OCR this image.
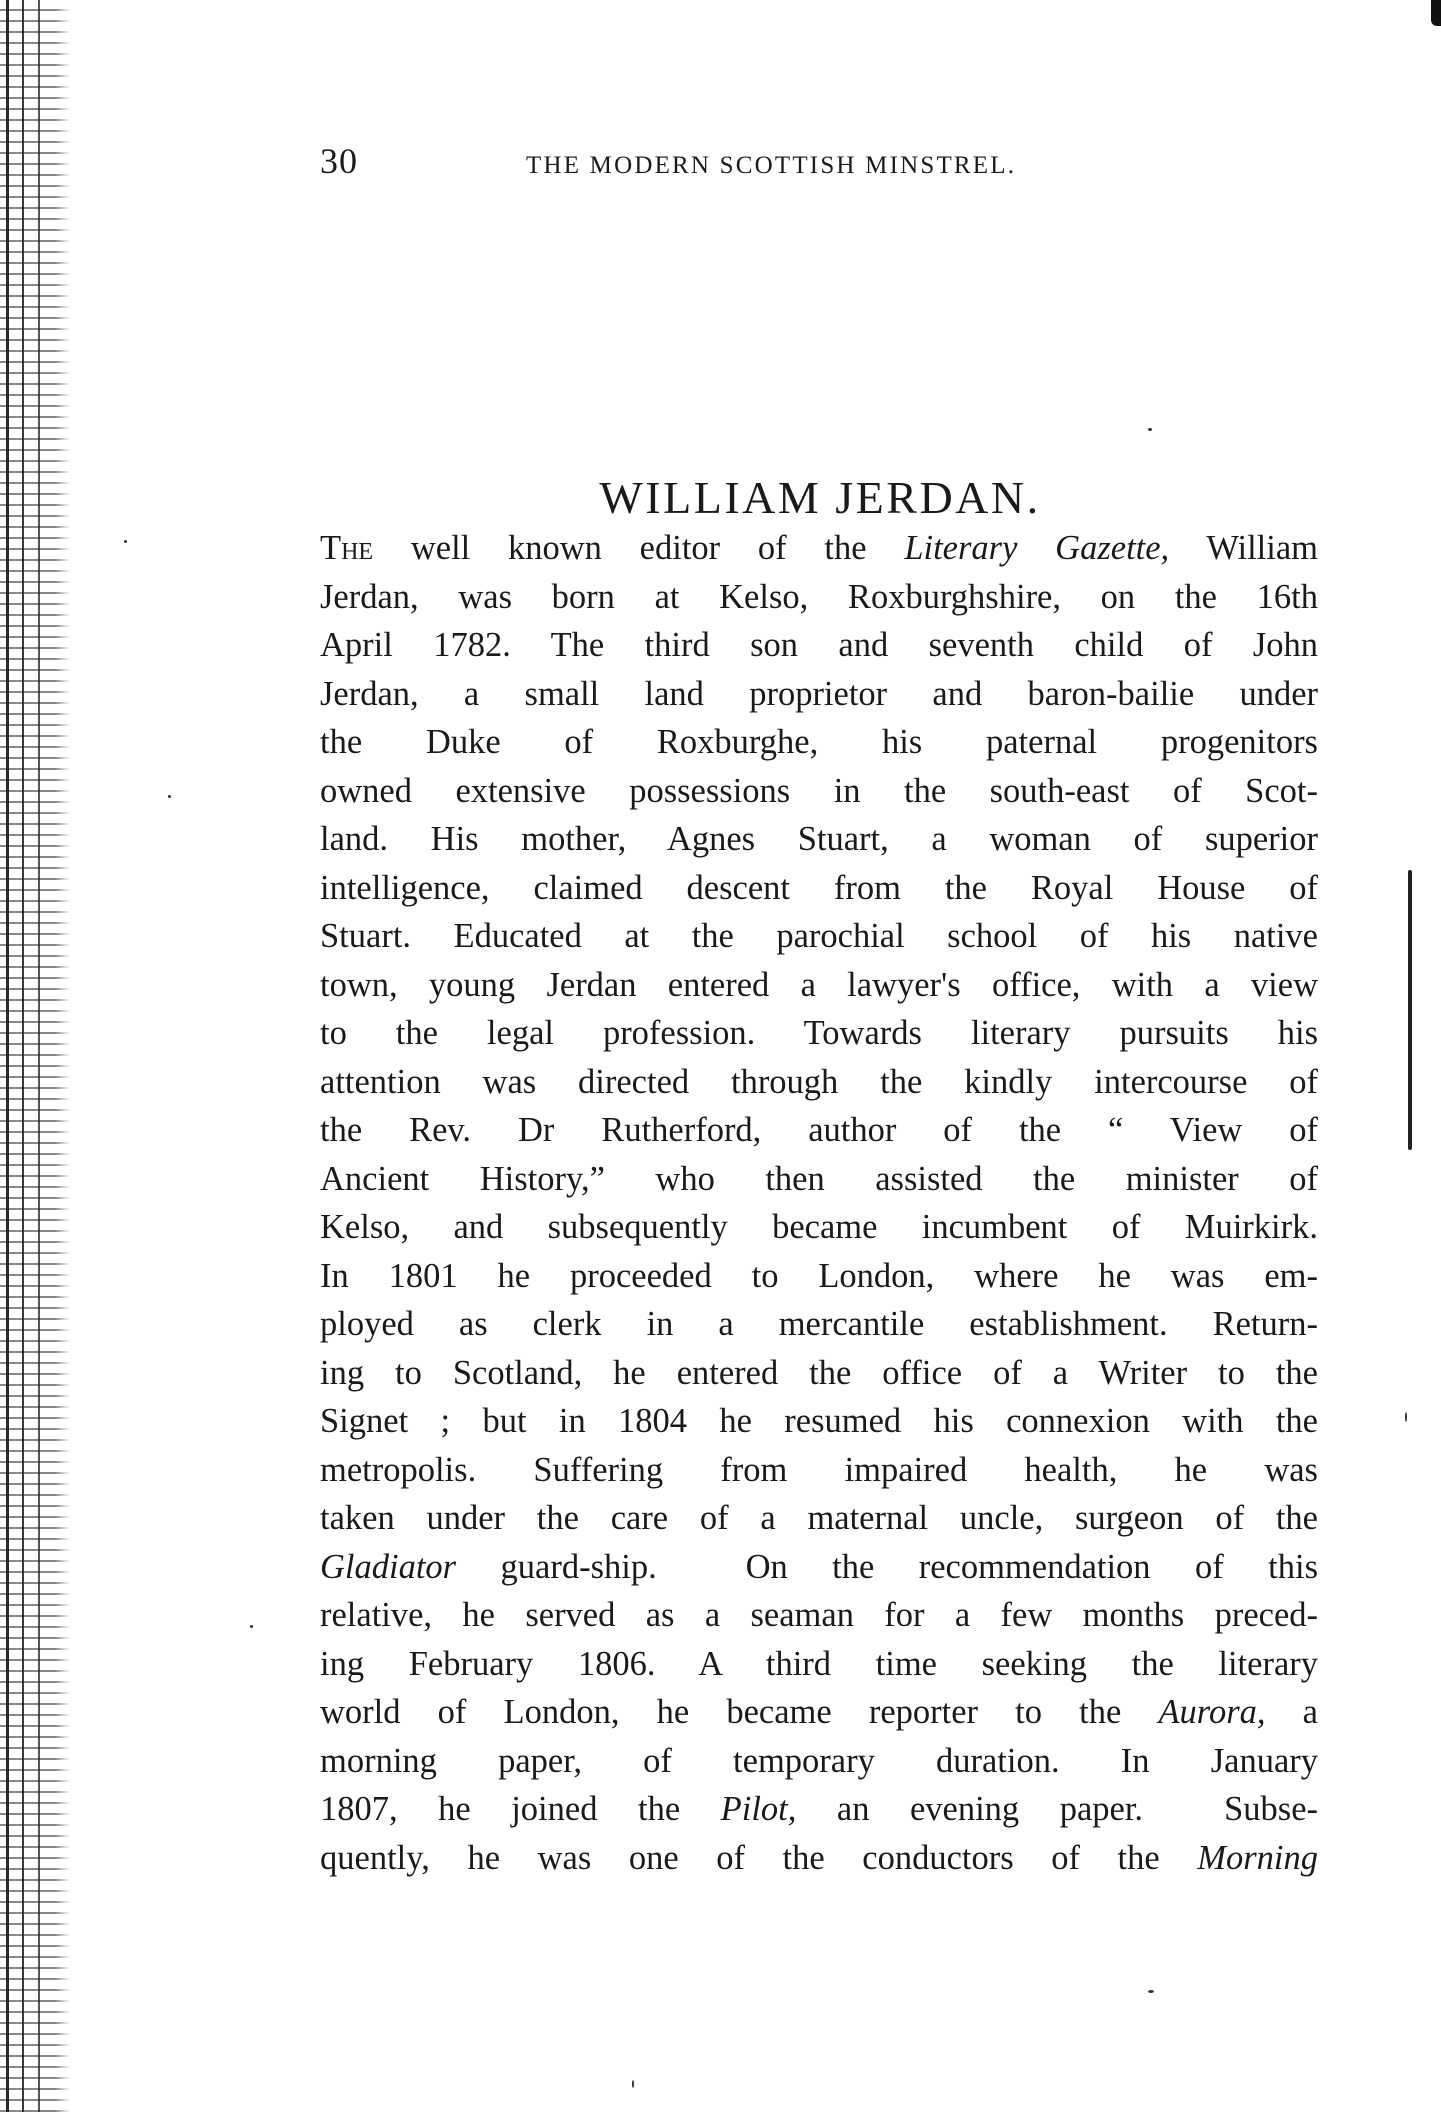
30	THE MODERN SCOTTISH MINSTREL.
WILLIAM JERDAN.
The well known editor of the Literary Gazette, William
Jerdan, was born at Kelso, Roxburghshire, on the 16th
April 1782. The third son and seventh child of John
Jerdan, a small land proprietor and baron-bailie under
the Duke of Roxburghe, his paternal progenitors
owned extensive possessions in the south-east of Scot-
land. His mother, Agnes Stuart, a woman of superior
intelligence, claimed descent from the Royal House of
Stuart. Educated at the parochial school of his native
town, young Jerdan entered a lawyer's office, with a view
to the legal profession. Towards literary pursuits his
attention was directed through the kindly intercourse of
the Rev. Dr Rutherford, author of the “ View of
Ancient History,” who then assisted the minister of
Kelso, and subsequently became incumbent of Muirkirk.
In 1801 he proceeded to London, where he was em-
ployed as clerk in a mercantile establishment. Return-
ing to Scotland, he entered the office of a Writer to the
Signet ; but in 1804 he resumed his connexion with the
metropolis. Suffering from impaired health, he was
taken under the care of a maternal uncle, surgeon of the
Gladiator guard-ship.  On the recommendation of this
relative, he served as a seaman for a few months preced-
ing February 1806. A third time seeking the literary
world of London, he became reporter to the Aurora, a
morning paper, of temporary duration. In January
1807, he joined the Pilot, an evening paper.  Subse-
quently, he was one of the conductors of the Morning
